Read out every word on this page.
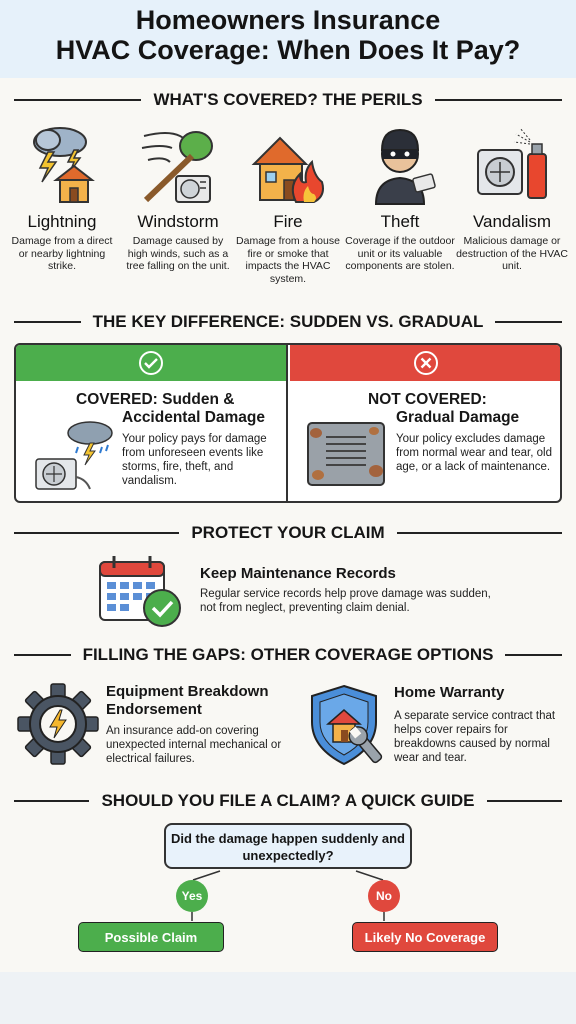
Homeowners Insurance
HVAC Coverage: When Does It Pay?
WHAT'S COVERED? THE PERILS
Lightning
Damage from a direct or nearby lightning strike.
Windstorm
Damage caused by high winds, such as a tree falling on the unit.
Fire
Damage from a house fire or smoke that impacts the HVAC system.
Theft
Coverage if the outdoor unit or its valuable components are stolen.
Vandalism
Malicious damage or destruction of the HVAC unit.
THE KEY DIFFERENCE: SUDDEN VS. GRADUAL
COVERED: Sudden &
Accidental Damage
Your policy pays for damage from unforeseen events like storms, fire, theft, and vandalism.
NOT COVERED:
Gradual Damage
Your policy excludes damage from normal wear and tear, old age, or a lack of maintenance.
PROTECT YOUR CLAIM
Keep Maintenance Records
Regular service records help prove damage was sudden, not from neglect, preventing claim denial.
FILLING THE GAPS: OTHER COVERAGE OPTIONS
Equipment Breakdown
Endorsement
An insurance add-on covering unexpected internal mechanical or electrical failures.
Home Warranty
A separate service contract that helps cover repairs for breakdowns caused by normal wear and tear.
SHOULD YOU FILE A CLAIM? A QUICK GUIDE
Did the damage happen suddenly and unexpectedly?
Yes	No
Possible Claim	Likely No Coverage
